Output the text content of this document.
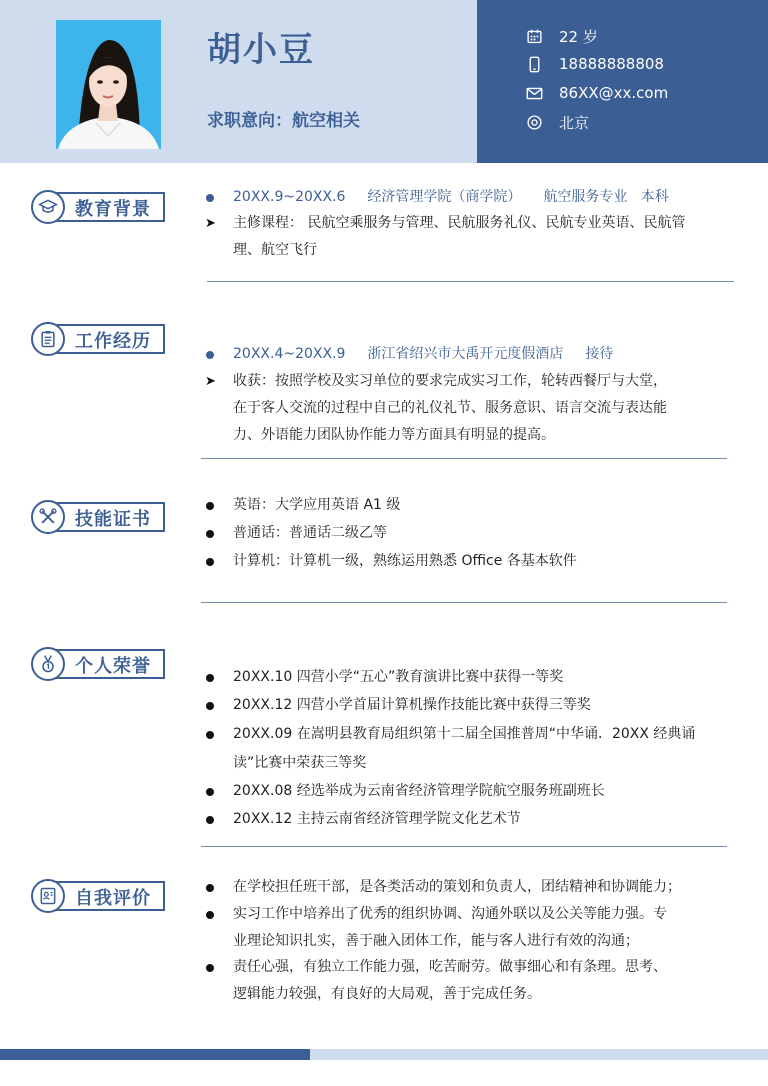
胡小豆
求职意向：航空相关
22 岁
18888888808
86XX@xx.com
北京
教育背景
20XX.9~20XX.6 经济管理学院（商学院） 航空服务专业 本科
➤ 主修课程： 民航空乘服务与管理、民航服务礼仪、民航专业英语、民航管
理、航空飞行
工作经历
20XX.4~20XX.9 浙江省绍兴市大禹开元度假酒店 接待
➤ 收获：按照学校及实习单位的要求完成实习工作，轮转西餐厅与大堂，
在于客人交流的过程中自己的礼仪礼节、服务意识、语言交流与表达能
力、外语能力团队协作能力等方面具有明显的提高。
技能证书
英语：大学应用英语 A1 级
普通话：普通话二级乙等
计算机：计算机一级，熟练运用熟悉 Office 各基本软件
个人荣誉	20XX.10 四营小学“五心”教育演讲比赛中获得一等奖
20XX.12 四营小学首届计算机操作技能比赛中获得三等奖
20XX.09 在嵩明县教育局组织第十二届全国推普周“中华诵．20XX 经典诵
读”比赛中荣获三等奖
20XX.08 经选举成为云南省经济管理学院航空服务班副班长
20XX.12 主持云南省经济管理学院文化艺术节
自我评价
在学校担任班干部，是各类活动的策划和负责人，团结精神和协调能力；
实习工作中培养出了优秀的组织协调、沟通外联以及公关等能力强。专
业理论知识扎实，善于融入团体工作，能与客人进行有效的沟通；
责任心强，有独立工作能力强，吃苦耐劳。做事细心和有条理。思考、
逻辑能力较强，有良好的大局观，善于完成任务。
